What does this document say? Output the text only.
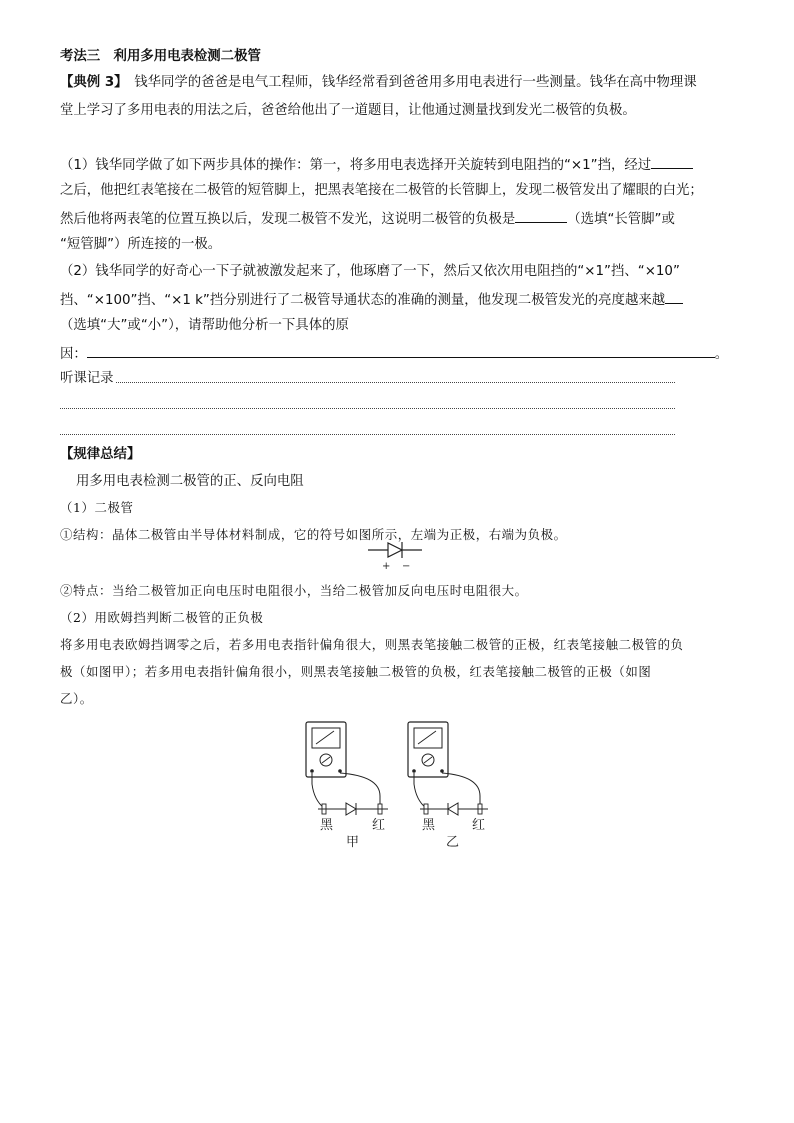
考法三　利用多用电表检测二极管
【典例 3】　钱华同学的爸爸是电气工程师，钱华经常看到爸爸用多用电表进行一些测量。钱华在高中物理课
堂上学习了多用电表的用法之后，爸爸给他出了一道题目，让他通过测量找到发光二极管的负极。
（1）钱华同学做了如下两步具体的操作：第一，将多用电表选择开关旋转到电阻挡的“×1”挡，经过
之后，他把红表笔接在二极管的短管脚上，把黑表笔接在二极管的长管脚上，发现二极管发出了耀眼的白光；
然后他将两表笔的位置互换以后，发现二极管不发光，这说明二极管的负极是	（选填“长管脚”或
“短管脚”）所连接的一极。
（2）钱华同学的好奇心一下子就被激发起来了，他琢磨了一下，然后又依次用电阻挡的“×1”挡、“×10”
挡、“×100”挡、“×1 k”挡分别进行了二极管导通状态的准确的测量，他发现二极管发光的亮度越来越
（选填“大”或“小”），请帮助他分析一下具体的原
因：	。
听课记录
【规律总结】
用多用电表检测二极管的正、反向电阻
（1）二极管
①结构：晶体二极管由半导体材料制成，它的符号如图所示，左端为正极，右端为负极。
+ −
②特点：当给二极管加正向电压时电阻很小，当给二极管加反向电压时电阻很大。
（2）用欧姆挡判断二极管的正负极
将多用电表欧姆挡调零之后，若多用电表指针偏角很大，则黑表笔接触二极管的正极，红表笔接触二极管的负
极（如图甲）；若多用电表指针偏角很小，则黑表笔接触二极管的负极，红表笔接触二极管的正极（如图
乙）。
黑	红
甲
黑	红
乙
